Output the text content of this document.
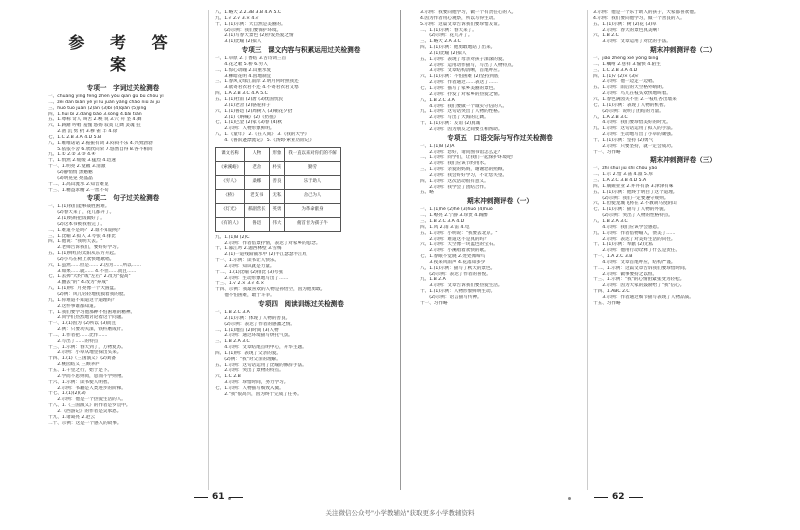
参 考 答 案
专项一　字词过关检测卷
一、chuāng yǐng fēng zhēn yǒu qiān gǔ bù chóu yí
二、zéi dān biàn yě yì lǚ juàn yáng cháo niǔ ài jù
三、huò tuō juān (2)ān (3)bì (4)qiǎn (5)jǐng
四、1.huì bì 2.dāng bǎo 3.sòng 4.bǎi tián
五、1.尊称 奇人 叫苦 2.唤 说 3.穴 舟 坚 4.舞
六、1.踌躇 哼唱 羞愧 悠扬 寂寞 辽阔 灵魂 狂
　　2.凿 沉 劈 扔 3.穆 雀 丰 4.徐
七、1.C 2.B 3.A 4.D 5.B
八、1.唯唯诺诺 2.振振有词 3.闷闷不乐 4.兴致勃勃
　　5.依依不舍 6.欣欣向荣 7.悠然自得 8.各不相同
九、1.① 2.② 3.③ 4.④
十、1.悄然 2.缓缓 3.猛烈 4.迅速
十一、1.明亮 2.宽敞 3.清澈
　　(2)静悄悄 黑魆魆
　　(3)明晃晃 亮晶晶
十二、1.高山流水 2.知音难觅
十三、1.精益求精 2.一丝不苟
专项二　句子过关检测卷
一、1.(1)我们能够战胜困难。
　　(2)春天来了，花儿都开了。
　　2.(1)妈妈把饭做好了。
　　(2)这本书被我看完了。
二、1.难道不是吗？ 2.谁不知道呢？
三、1.比喻 2.拟人 3.夸张 4.排比
四、1.他说："我明天去。"
　　2.老师告诉我们，要好好学习。
五、1.(1)鲜红的太阳从东方升起。
　　(2)小鸟在树上欢快地歌唱。
六、1.虽然……但是…… 2.因为……所以……
　　3.如果……就…… 4.不但……而且……
七、1.去掉"大约"或"左右" 2.改为"提高"
　　3.删去"的" 4.改为"养成"
八、1.(1)例：月亮像一个大圆盘。
　　(2)例：风儿轻轻地抚摸着我的脸。
九、1.你难道不知道这个道理吗？
　　2.这件事谁都知道。
十、1.我们要学习他那种不怕困难的精神。
　　2.同学们热烈地讨论着这个问题。
十一、1.(1)因为 (2)所以 (3)而且
　　2.例：只要功夫深，铁杵磨成针。
十二、1.作者把……比作……
　　2.写出了……的特点
十三、1.示例：春天到了，万物复苏。
　　2.示例：小草从地里探出头来。
十四、1.(1)（三国演义）(2)刘备
　　2.桃园结义 三顾茅庐
十五、1.千里之行，始于足下。
　　2.学而不思则罔，思而不学则殆。
十六、1.示例：读书使人明智。
　　2.示例：书籍是人类进步的阶梯。
十七、1.(1)(2)(3)
　　2.示例：他是一个热爱生活的人。
十八、1.《三国演义》的作者是罗贯中。
　　2.《西游记》的作者是吴承恩。
十九、1.诸葛亮 2.赵云
二十、示例：这是一个感人的故事。
八、1.略大 2.2.3B 3.B 4.A 5.C
九、1.√ 2.√ 3.× 4.√
十、1.(1)示例：大自然是美丽的。
　　(2)示例：我们要保护环境。
　　2.(1)写春天景色 (2)抒发热爱之情
　　3.(1)比喻 (2)拟人
专项三　课文内容与积累运用过关检测卷
一、1.草原 2.丁香结 3.古诗词三首
　　4.花之歌 5.桥 6.穷人
二、1.惊心动魄 2.山重水复
　　3.柳暗花明 4.因地制宜
三、1.春风又绿江南岸 2.明月何时照我还
　　3.欲寄君衣君不还 4.不寄君衣君又寒
四、1.A 2.B 3.C 4.A 5.C
五、1.(1)杜甫 (2)唐 (3)忧国忧民
　　2.(1)老舍 (2)骆驼祥子
六、1.(1)鲁迅 (2)周树人 (3)朝花夕拾
　　2.(1)《呐喊》(2)《彷徨》
七、1.(1)巴金 (2)家 (3)春 (4)秋
　　2.示例：人物形象鲜明。
八、1.《童年》 2.《在人间》 3.《我的大学》
　　4.《鲁滨逊漂流记》 5.《汤姆·索亚历险记》
课文名称	人物	形象	我一直以来对你们的不解
《索溪峪》	老舍	朴实	勤劳
《穷人》	桑娜	善良	乐于助人
《桥》	老支书	无私	舍己为人
《灯光》	郝副营长	英勇	为革命献身
《有的人》	鲁迅	伟大	俯首甘为孺子牛
九、1.(1)B (2)C
　　2.示例：作者借景抒情，表达了对家乡的思念。
十、1.暮江吟 2.题西林壁 3.雪梅
　　2.(1)一道残阳铺水中 (2)半江瑟瑟半江红
十一、1.示例：读书让人快乐。
　　2.示例：知识就是力量。
十二、1.(1)比喻 (2)排比 (3)夸张
　　2.示例：生动形象地写出了……
十三、1.√ 2.× 3.√ 4.×
十四、示例：我最喜欢的人物是孙悟空，因为他勇敢。
　　他不怕困难，敢于斗争。
专项四　阅读训练过关检测卷
一、1.B 2.C 3.A
　　2.(1)示例：体现了人物的善良。
　　(2)示例：表达了作者的感激之情。
二、1.(1)地点 (2)时间 (3)人物
　　2.示例：通过环境描写烘托气氛。
三、1.B 2.A 3.C
　　4.示例：文章结尾点明中心，升华主题。
四、1.(1)例：表现了父亲的爱。
　　(2)例："我"对父亲的理解。
五、1.示例：这句话运用了比喻的修辞手法。
　　2.示例：突出了景物的特点。
六、1.C 2.B
　　3.示例：珍惜时间，努力学习。
七、1.示例：人物描写细致入微。
　　2."我"很高兴，因为终于完成了任务。
3.示例：我要向他学习，做一个有责任心的人。
4.因为作者用心观察，所以写得生动。
5.示例：这篇文章告诉我们要珍惜友谊。
二、1.(1)示例：春天来了。
　　(2)示例：花儿开了。
三、1.略大 2.A 3.C
四、1.(1)示例：他勇敢地站了出来。
　　2.(1)比喻 (2)拟人
五、1.示例：表现了母亲对孩子深深的爱。
　　2.示例：运用动作描写，写出了人物特点。
　　3.示例：文章结构清晰，首尾呼应。
六、1.(1)示例：不怕困难 (2)坚持到底
　　2.示例：作者通过……表达了……
七、1.示例：描写了家乡美丽的景色。
　　2.示例：抒发了对家乡的热爱之情。
八、1.B 2.C 3.A
　　4.示例：我们要做一个诚实守信的人。
九、1.示例：这句话突出了人物的性格。
　　2.示例：写出了大海的辽阔。
十、1.(1)示例：友谊 (2)真诚
　　2.示例：因为朋友之间要互相帮助。
专项五　口语交际与写作过关检测卷
一、1.(1)B (2)A
　　2.示例：您好，请问图书馆怎么走？
二、1.示例：同学们，让我们一起保护环境吧！
　　2.示例：我们应该节约用水。
三、1.示例：亲爱的妈妈，谢谢您的照顾。
　　2.示例：我会好好学习，不让您失望。
四、1.示例：这次活动很有意义。
　　2.示例：我学会了团结合作。
五、略
期末冲刺测评卷（一）
一、1.(1)hé (2)hè (3)huó (4)huò
二、1.嘹亮 2.宁静 3.珍贵 4.陶醉
三、1.B 2.C 3.A 4.D
四、1.风 2.雨 3.雷 4.电
五、1.示例：小明说："我要去北京。"
　　2.示例：难道这不是真的吗？
六、1.示例：天空像一块蓝色的宝石。
　　2.示例：小溪唱着欢快的歌。
七、1.春眠不觉晓 2.处处闻啼鸟
　　3.夜来风雨声 4.花落知多少
八、1.(1)示例：描写了秋天的景色。
　　(2)示例：表达了作者的喜悦。
九、1.B 2.A
　　3.示例：文章告诉我们要热爱生活。
十、1.(1)示例：人物形象鲜明生动。
　　(2)示例：语言描写传神。
十一、习作略
3.示例：他是一个乐于助人的孩子，大家都喜欢他。
4.示例：我们要向他学习，做一个善良的人。
五、1.(1)示例：树 (2)花 (3)草
　　2.示例：春天的景色真美啊！
六、1.B 2.C
　　3.示例：文章运用了对比的手法。
期末冲刺测评卷（二）
一、jiǎo zhēng xiè yǒng bīng
二、1.嘱咐 2.慈祥 3.愉快 4.陌生
三、1.C 2.B 3.A 4.D
四、1.(1)√ (2)× (3)√
　　2.示例：他一边走一边唱。
五、1.示例：雨后的天空格外晴朗。
　　2.示例：鸟儿在枝头欢快地叫着。
六、1.春色满园关不住 2.一枝红杏出墙来
七、1.(1)示例：表现了人物的机智。
　　(2)示例：说明了团结的力量。
八、1.A 2.B 3.C
　　4.示例：我们要珍惜美好的时光。
九、1.示例：这句话运用了拟人的手法。
　　2.示例：生动地写出了小草的顽强。
十、1.(1)示例：坚持 (2)勇气
　　2.示例：只要坚持，就一定会成功。
十一、习作略
期末冲刺测评卷（三）
一、zhì shuǐ jiù shì chóu yǎo
二、1.示 2.惜 3.荡 4.溢 5.厚
三、1.A 2.C 3.B 4.D 5.A
四、1.兢兢业业 2.井井有条 3.津津有味
五、1.(1)示例：他终于明白了这个道理。
　　(2)示例：我们一定要遵守规则。
六、1.但使龙城飞将在 2.不教胡马度阴山
七、1.(1)示例：描写了人物的外貌。
　　(2)示例：突出了人物的性格特点。
八、1.B 2.A 3.C
　　4.示例：我们应该学会感恩。
九、1.示例：作者借物喻人，赞美了……
　　2.示例：表达了对美好生活的向往。
十、1.(1)示例：奉献 (2)无私
　　2.示例：他用行动诠释了什么是责任。
十一、1.A 2.C 3.B
　　4.示例：文章首尾呼应，结构严谨。
十二、1.示例：这篇文章告诉我们要珍惜时间。
　　2.示例：做事要持之以恒。
十三、1.示例："我"的心情由紧张变为轻松。
　　2.示例：因为大家的鼓励给了"我"信心。
十四、1.ABC 2.C
　　3.示例：作者通过细节描写表现了人物品质。
十五、习作略
61	62
关注微信公众号"小学教辅站"获取更多小学教辅资料
